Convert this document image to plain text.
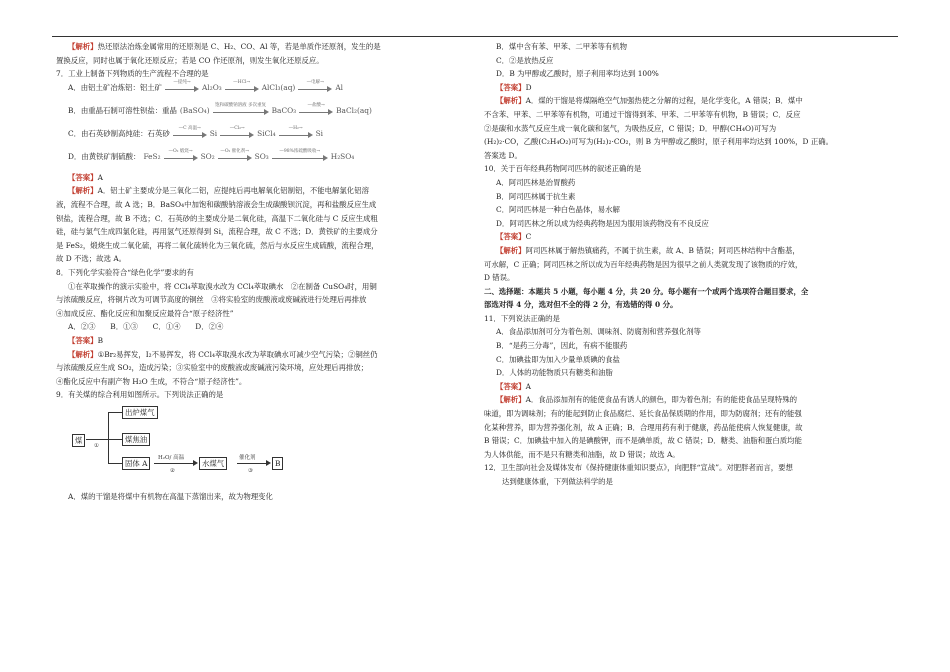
【解析】热还原法冶炼金属常用的还原剂是 C、H₂、CO、Al 等，若是单质作还原剂，发生的是

置换反应，同时也属于氧化还原反应；若是 CO 作还原剂，则发生氧化还原反应。

7．工业上制备下列物质的生产流程不合理的是

A．由铝土矿冶炼铝：铝土矿
—提纯→
Al₂O₃
—HCl→
AlCl₃(aq)
—电解→
Al
B．由重晶石制可溶性钡盐：重晶 (BaSO₄)
饱和碳酸钠溶液 多次重复
BaCO₃
—盐酸→
BaCl₂(aq)
C．由石英砂制高纯硅：石英砂
—C 高温→
Si
—Cl₂→
SiCl₄
—H₂→
Si
D．由黄铁矿制硫酸： FeS₂
—O₂ 煅烧→
SO₂
—O₂ 催化剂→
SO₃
—98%浓硫酸吸收→
H₂SO₄

【答案】A

【解析】A．铝土矿主要成分是三氧化二铝，应提纯后再电解氧化铝制铝，不能电解氯化铝溶

液，流程不合理，故 A 选；B．BaSO₄中加饱和碳酸钠溶液会生成碳酸钡沉淀，再和盐酸反应生成

钡盐，流程合理，故 B 不选；C．石英砂的主要成分是二氧化硅，高温下二氧化硅与 C 反应生成粗

硅，硅与氯气生成四氯化硅，再用氢气还原得到 Si，流程合理，故 C 不选；D．黄铁矿的主要成分

是 FeS₂，煅烧生成二氧化硫，再将二氧化硫转化为三氧化硫，然后与水反应生成硫酸，流程合理，

故 D 不选；故选 A。

8．下列化学实验符合“绿色化学”要求的有

①在萃取操作的演示实验中，将 CCl₄萃取溴水改为 CCl₄萃取碘水　②在制备 CuSO₄时，用铜

与浓硫酸反应，将铜片改为可调节高度的铜丝　③将实验室的废酸液或废碱液进行处理后再排放

④加成反应、酯化反应和加聚反应最符合“原子经济性”

A．②③　　B．①③　　C．①④　　D．②④

【答案】B

【解析】①Br₂易挥发，I₂不易挥发，将 CCl₄萃取溴水改为萃取碘水可减少空气污染；②铜丝仍

与浓硫酸反应生成 SO₂，造成污染；③实验室中的废酸液或废碱液污染环境，应处理后再排放；

④酯化反应中有副产物 H₂O 生成，不符合“原子经济性”。

9．有关煤的综合利用如图所示。下列说法正确的是

煤
①
出炉煤气
煤焦油
固体 A
H₂O/ 高温
②
水煤气
催化剂
③
B

A．煤的干馏是将煤中有机物在高温下蒸馏出来，故为物理变化

B．煤中含有苯、甲苯、二甲苯等有机物

C．②是放热反应

D．B 为甲醇或乙酸时，原子利用率均达到 100%

【答案】D

【解析】A．煤的干馏是将煤隔绝空气加强热使之分解的过程，是化学变化，A 错误；B．煤中

不含苯、甲苯、二甲苯等有机物，可通过干馏得到苯、甲苯、二甲苯等有机物，B 错误；C．反应

②是碳和水蒸气反应生成一氧化碳和氢气，为吸热反应，C 错误；D．甲醇(CH₄O)可写为

(H₂)₂·CO，乙酸(C₂H₄O₂)可写为(H₂)₂·CO₂，则 B 为甲醇或乙酸时，原子利用率均达到 100%，D 正确。

答案选 D。

10．关于百年经典药物阿司匹林的叙述正确的是

A．阿司匹林是治胃酸药

B．阿司匹林属于抗生素

C．阿司匹林是一种白色晶体，易水解

D．阿司匹林之所以成为经典药物是因为服用该药物没有不良反应

【答案】C

【解析】阿司匹林属于解热镇痛药，不属于抗生素，故 A、B 错误；阿司匹林结构中含酯基，

可水解，C 正确；阿司匹林之所以成为百年经典药物是因为很早之前人类就发现了该物质的疗效，

D 错误。

二、选择题：本题共 5 小题，每小题 4 分，共 20 分。每小题有一个或两个选项符合题目要求，全

部选对得 4 分，选对但不全的得 2 分，有选错的得 0 分。

11．下列说法正确的是

A．食品添加剂可分为着色剂、调味剂、防腐剂和营养强化剂等

B．“是药三分毒”，因此，有病不能服药

C．加碘盐即为加入少量单质碘的食盐

D．人体的功能物质只有糖类和油脂

【答案】A

【解析】A．食品添加剂有的能使食品有诱人的颜色，即为着色剂；有的能使食品呈现特殊的

味道，即为调味剂；有的能起到防止食品腐烂、延长食品保质期的作用，即为防腐剂；还有的能强

化某种营养，即为营养强化剂，故 A 正确；B．合理用药有利于健康，药品能使病人恢复健康，故

B 错误；C．加碘盐中加入的是碘酸钾，而不是碘单质，故 C 错误；D．糖类、油脂和蛋白质均能

为人体供能，而不是只有糖类和油脂，故 D 错误；故选 A。

12．卫生部向社会及媒体发布《保持健康体重知识要点》，向肥胖“宣战”。对肥胖者而言，要想

达到健康体重，下列做法科学的是
